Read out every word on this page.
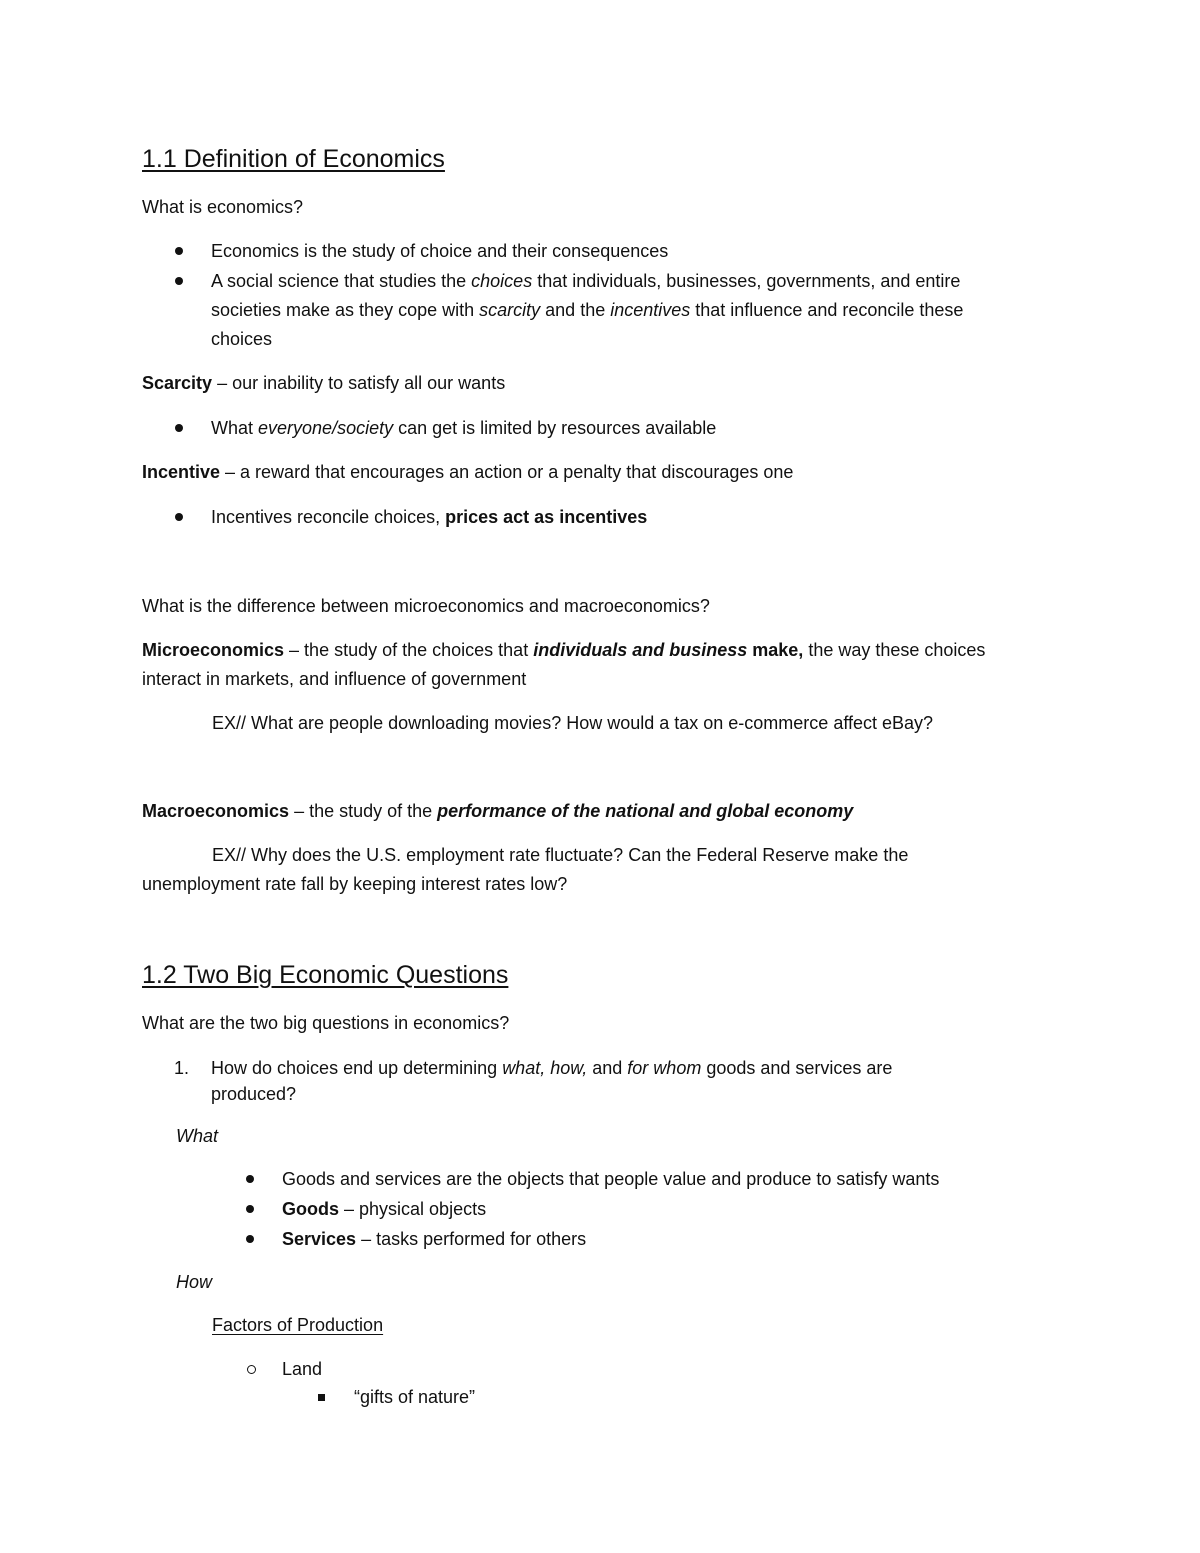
1.1 Definition of Economics
What is economics?
Economics is the study of choice and their consequences
A social science that studies the choices that individuals, businesses, governments, and entire
societies make as they cope with scarcity and the incentives that influence and reconcile these
choices
Scarcity – our inability to satisfy all our wants
What everyone/society can get is limited by resources available
Incentive – a reward that encourages an action or a penalty that discourages one
Incentives reconcile choices, prices act as incentives
What is the difference between microeconomics and macroeconomics?
Microeconomics – the study of the choices that individuals and business make, the way these choices
interact in markets, and influence of government
EX// What are people downloading movies? How would a tax on e-commerce affect eBay?
Macroeconomics – the study of the performance of the national and global economy
EX// Why does the U.S. employment rate fluctuate? Can the Federal Reserve make the
unemployment rate fall by keeping interest rates low?
1.2 Two Big Economic Questions
What are the two big questions in economics?
1. How do choices end up determining what, how, and for whom goods and services are
produced?
What
Goods and services are the objects that people value and produce to satisfy wants
Goods – physical objects
Services – tasks performed for others
How
Factors of Production
Land
“gifts of nature”
